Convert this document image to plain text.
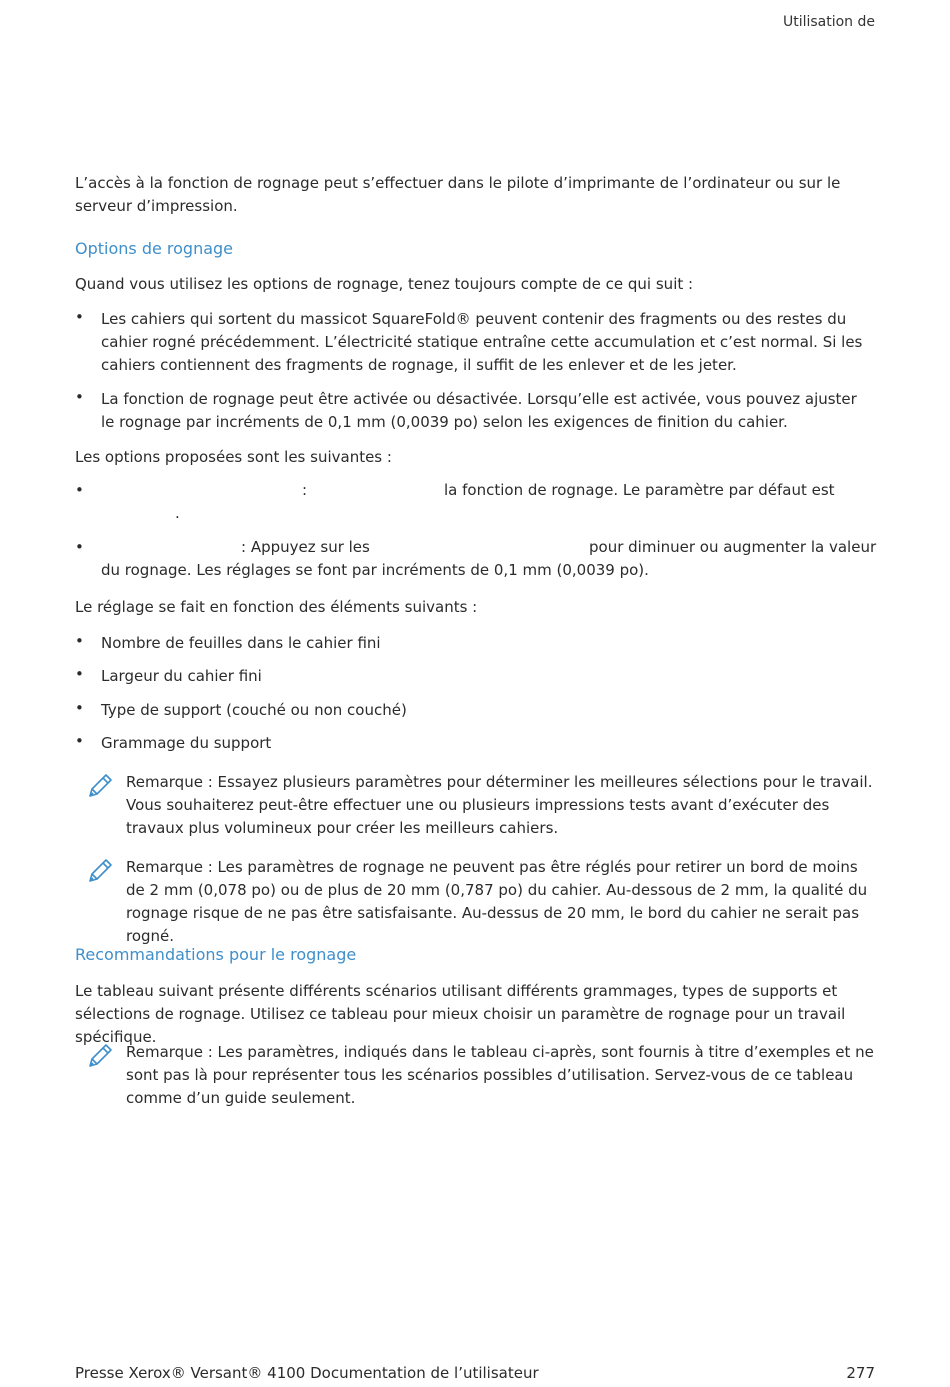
Utilisation de
L’accès à la fonction de rognage peut s’effectuer dans le pilote d’imprimante de l’ordinateur ou sur le serveur d’impression.
Options de rognage
Quand vous utilisez les options de rognage, tenez toujours compte de ce qui suit :
• Les cahiers qui sortent du massicot SquareFold® peuvent contenir des fragments ou des restes du cahier rogné précédemment. L’électricité statique entraîne cette accumulation et c’est normal. Si les cahiers contiennent des fragments de rognage, il suffit de les enlever et de les jeter.
• La fonction de rognage peut être activée ou désactivée. Lorsqu’elle est activée, vous pouvez ajuster le rognage par incréments de 0,1 mm (0,0039 po) selon les exigences de finition du cahier.
Les options proposées sont les suivantes :
•	:	la fonction de rognage. Le paramètre par défaut est
.
•	: Appuyez sur les	pour diminuer ou augmenter la valeur
du rognage. Les réglages se font par incréments de 0,1 mm (0,0039 po).
Le réglage se fait en fonction des éléments suivants :
• Nombre de feuilles dans le cahier fini
• Largeur du cahier fini
• Type de support (couché ou non couché)
• Grammage du support
Remarque : Essayez plusieurs paramètres pour déterminer les meilleures sélections pour le travail. Vous souhaiterez peut-être effectuer une ou plusieurs impressions tests avant d’exécuter des travaux plus volumineux pour créer les meilleurs cahiers.
Remarque : Les paramètres de rognage ne peuvent pas être réglés pour retirer un bord de moins de 2 mm (0,078 po) ou de plus de 20 mm (0,787 po) du cahier. Au-dessous de 2 mm, la qualité du rognage risque de ne pas être satisfaisante. Au-dessus de 20 mm, le bord du cahier ne serait pas rogné.
Recommandations pour le rognage
Le tableau suivant présente différents scénarios utilisant différents grammages, types de supports et sélections de rognage. Utilisez ce tableau pour mieux choisir un paramètre de rognage pour un travail spécifique.
Remarque : Les paramètres, indiqués dans le tableau ci-après, sont fournis à titre d’exemples et ne sont pas là pour représenter tous les scénarios possibles d’utilisation. Servez-vous de ce tableau comme d’un guide seulement.
Presse Xerox® Versant® 4100 Documentation de l’utilisateur	277
